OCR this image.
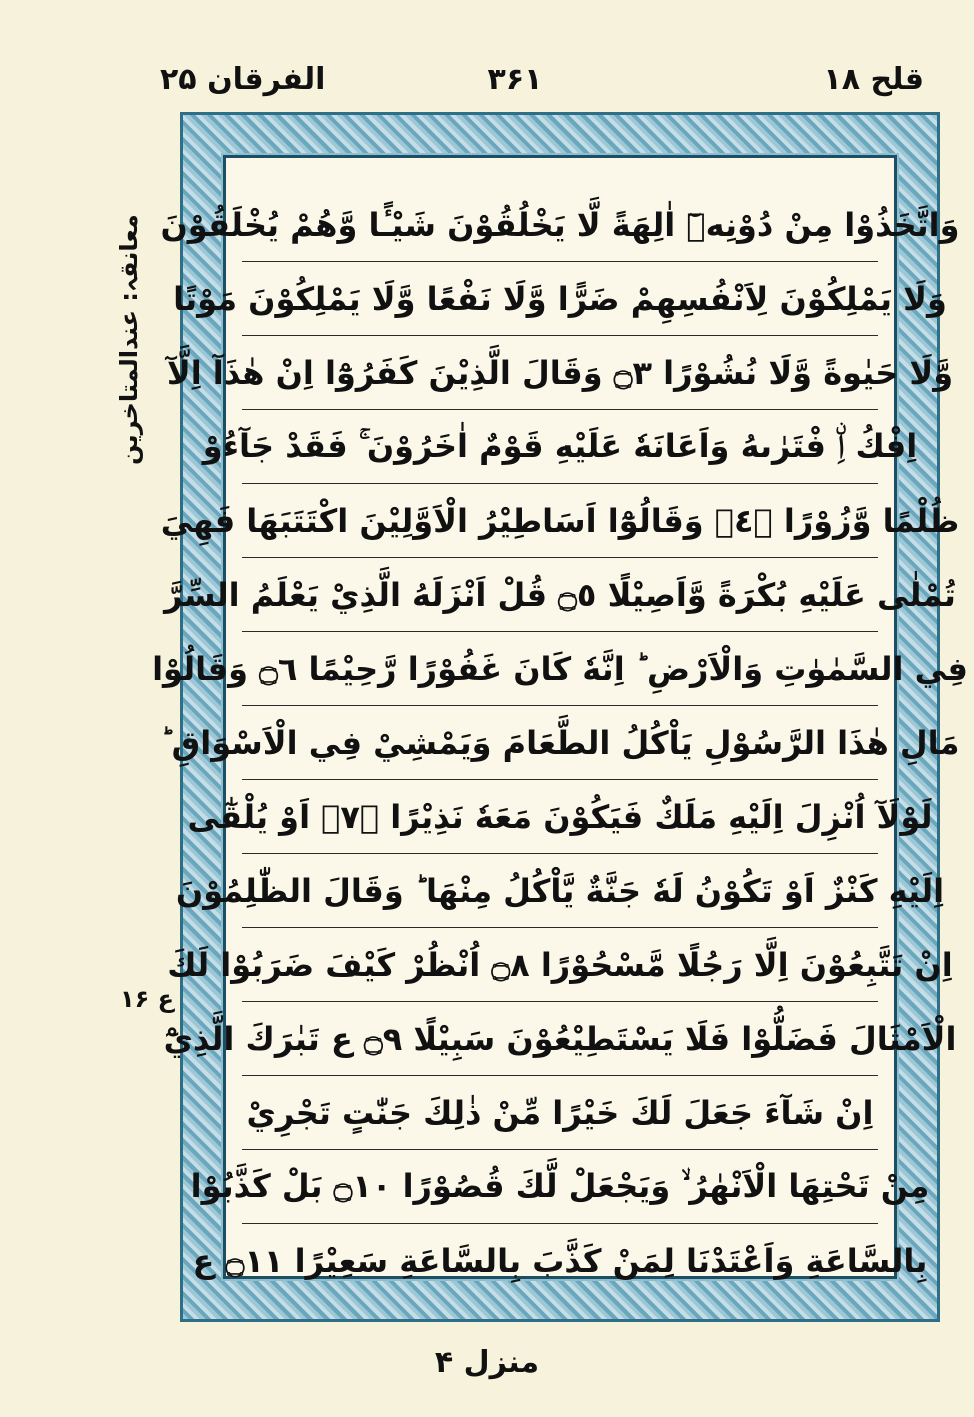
الفرقان ۲۵	۳۶۱	قلح ۱۸
معانقہ: عندالمتاخرین
ع ۱۶
وَاتَّخَذُوْا مِنْ دُوْنِهٖٓ اٰلِهَةً لَّا يَخْلُقُوْنَ شَيْـًٔا وَّهُمْ يُخْلَقُوْنَ
وَلَا يَمْلِكُوْنَ لِاَنْفُسِهِمْ ضَرًّا وَّلَا نَفْعًا وَّلَا يَمْلِكُوْنَ مَوْتًا
وَّلَا حَيٰوةً وَّلَا نُشُوْرًا ۝٣ وَقَالَ الَّذِيْنَ كَفَرُوْٓا اِنْ هٰذَآ اِلَّآ
اِفْكُ اِۨ فْتَرٰىهُ وَاَعَانَهٗ عَلَيْهِ قَوْمٌ اٰخَرُوْنَ ۚ فَقَدْ جَآءُوْ
ظُلْمًا وَّزُوْرًا ۝٤ۚ وَقَالُوْٓا اَسَاطِيْرُ الْاَوَّلِيْنَ اكْتَتَبَهَا فَهِيَ
تُمْلٰى عَلَيْهِ بُكْرَةً وَّاَصِيْلًا ۝٥ قُلْ اَنْزَلَهُ الَّذِيْ يَعْلَمُ السِّرَّ
فِي السَّمٰوٰتِ وَالْاَرْضِ ؕ اِنَّهٗ كَانَ غَفُوْرًا رَّحِيْمًا ۝٦ وَقَالُوْا
مَالِ هٰذَا الرَّسُوْلِ يَاْكُلُ الطَّعَامَ وَيَمْشِيْ فِي الْاَسْوَاقِ ؕ
لَوْلَآ اُنْزِلَ اِلَيْهِ مَلَكٌ فَيَكُوْنَ مَعَهٗ نَذِيْرًا ۝٧ۙ اَوْ يُلْقٰٓى
اِلَيْهِ كَنْزٌ اَوْ تَكُوْنُ لَهٗ جَنَّةٌ يَّاْكُلُ مِنْهَا ؕ وَقَالَ الظّٰلِمُوْنَ
اِنْ تَتَّبِعُوْنَ اِلَّا رَجُلًا مَّسْحُوْرًا ۝٨ اُنْظُرْ كَيْفَ ضَرَبُوْا لَكَ
الْاَمْثَالَ فَضَلُّوْا فَلَا يَسْتَطِيْعُوْنَ سَبِيْلًا ۝٩ ع تَبٰرَكَ الَّذِيْٓ
اِنْ شَآءَ جَعَلَ لَكَ خَيْرًا مِّنْ ذٰلِكَ جَنّٰتٍ تَجْرِيْ
مِنْ تَحْتِهَا الْاَنْهٰرُ ۙ وَيَجْعَلْ لَّكَ قُصُوْرًا ۝١٠ بَلْ كَذَّبُوْا
بِالسَّاعَةِ وَاَعْتَدْنَا لِمَنْ كَذَّبَ بِالسَّاعَةِ سَعِيْرًا ۝١١ ع
منزل ۴
